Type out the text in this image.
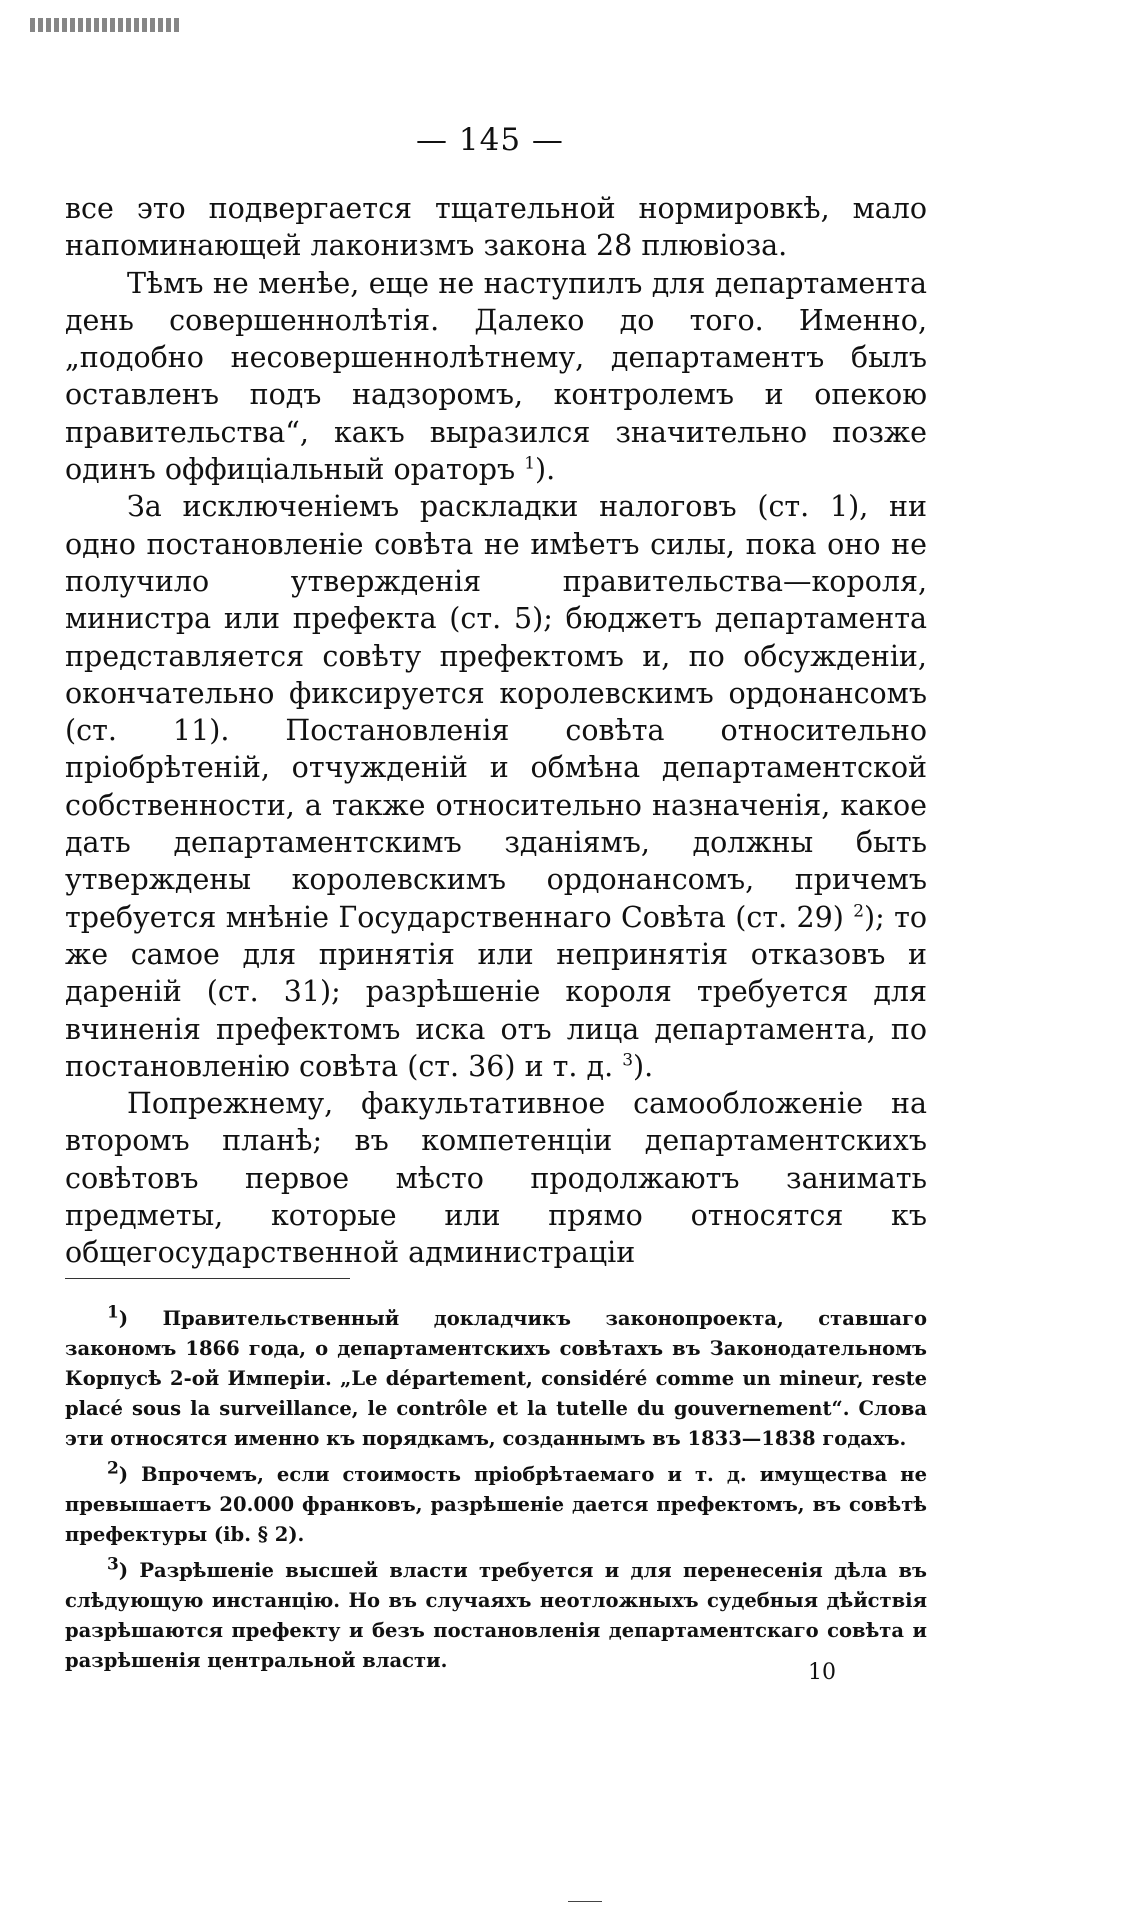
— 145 —

все это подвергается тщательной нормировкѣ, мало напоминающей лаконизмъ закона 28 плювіоза.

Тѣмъ не менѣе, еще не наступилъ для департамента день совершеннолѣтія. Далеко до того. Именно, „подобно несовершеннолѣтнему, департаментъ былъ оставленъ подъ надзоромъ, контролемъ и опекою правительства“, какъ выразился значительно позже одинъ оффиціальный ораторъ $^1$).

За исключеніемъ раскладки налоговъ (ст. 1), ни одно постановленіе совѣта не имѣетъ силы, пока оно не получило утвержденія правительства—короля, министра или префекта (ст. 5); бюджетъ департамента представляется совѣту префектомъ и, по обсужденіи, окончательно фиксируется королевскимъ ордонансомъ (ст. 11). Постановленія совѣта относительно пріобрѣтеній, отчужденій и обмѣна департаментской собственности, а также относительно назначенія, какое дать департаментскимъ зданіямъ, должны быть утверждены королевскимъ ордонансомъ, причемъ требуется мнѣніе Государственнаго Совѣта (ст. 29) $^2$); то же самое для принятія или непринятія отказовъ и дареній (ст. 31); разрѣшеніе короля требуется для вчиненія префектомъ иска отъ лица департамента, по постановленію совѣта (ст. 36) и т. д. $^3$).

Попрежнему, факультативное самообложеніе на второмъ планѣ; въ компетенціи департаментскихъ совѣтовъ первое мѣсто продолжаютъ занимать предметы, которые или прямо относятся къ общегосударственной администраціи

$^1$) Правительственный докладчикъ законопроекта, ставшаго закономъ 1866 года, о департаментскихъ совѣтахъ въ Законодательномъ Корпусѣ 2-ой Имперіи. „Le département, considéré comme un mineur, reste placé sous la surveillance, le contrôle et la tutelle du gouvernement“. Слова эти относятся именно къ порядкамъ, созданнымъ въ 1833—1838 годахъ.

$^2$) Впрочемъ, если стоимость пріобрѣтаемаго и т. д. имущества не превышаетъ 20.000 франковъ, разрѣшеніе дается префектомъ, въ совѣтѣ префектуры (ib. § 2).

$^3$) Разрѣшеніе высшей власти требуется и для перенесенія дѣла въ слѣдующую инстанцію. Но въ случаяхъ неотложныхъ судебныя дѣйствія разрѣшаются префекту и безъ постановленія департаментскаго совѣта и разрѣшенія центральной власти.	10
